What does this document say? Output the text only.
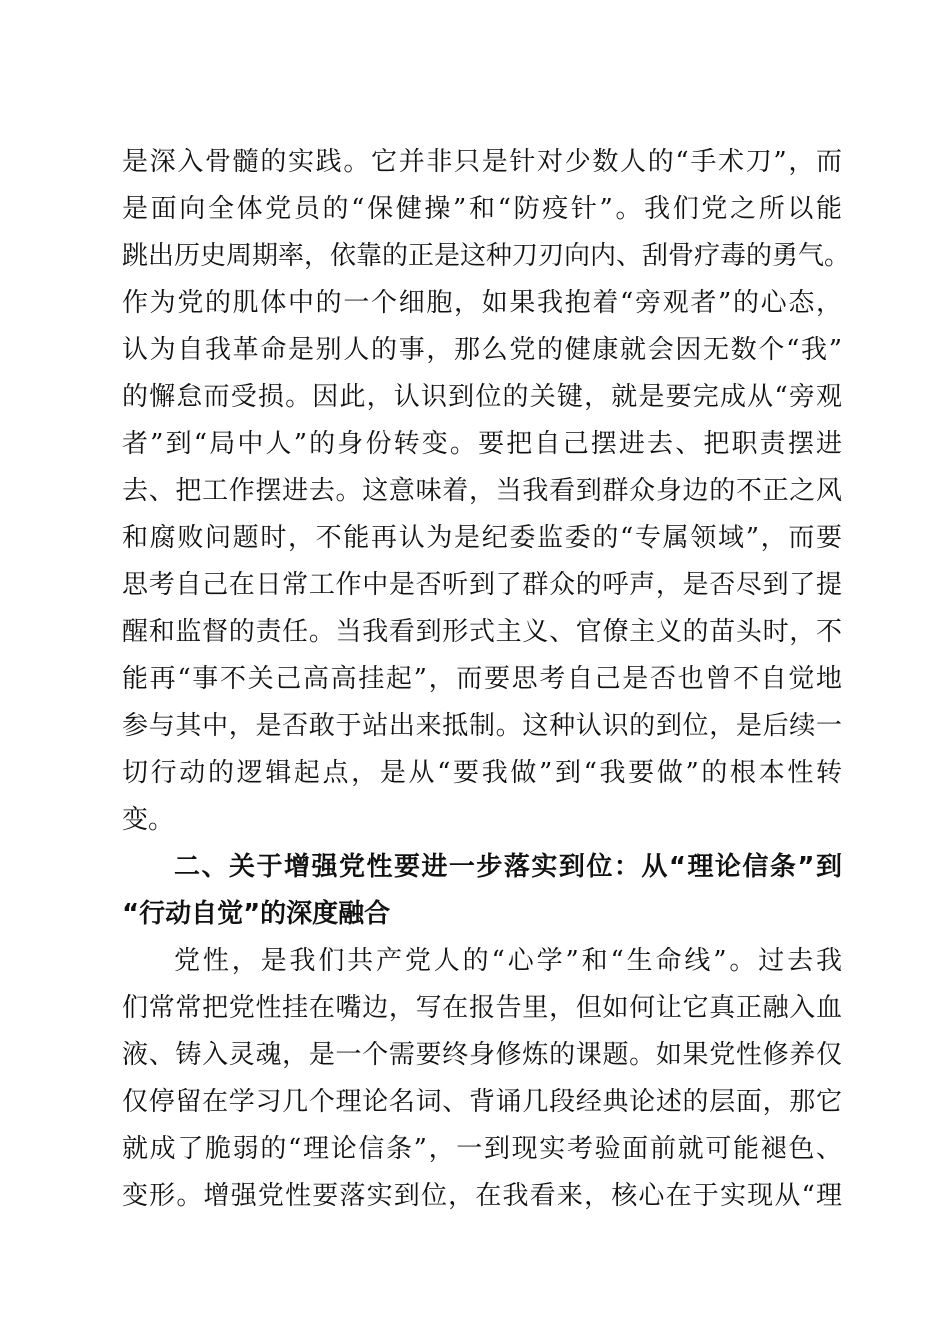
是深入骨髓的实践。它并非只是针对少数人的“手术刀”，而
是面向全体党员的“保健操”和“防疫针”。我们党之所以能
跳出历史周期率，依靠的正是这种刀刃向内、刮骨疗毒的勇气。
作为党的肌体中的一个细胞，如果我抱着“旁观者”的心态，
认为自我革命是别人的事，那么党的健康就会因无数个“我”
的懈怠而受损。因此，认识到位的关键，就是要完成从“旁观
者”到“局中人”的身份转变。要把自己摆进去、把职责摆进
去、把工作摆进去。这意味着，当我看到群众身边的不正之风
和腐败问题时，不能再认为是纪委监委的“专属领域”，而要
思考自己在日常工作中是否听到了群众的呼声，是否尽到了提
醒和监督的责任。当我看到形式主义、官僚主义的苗头时，不
能再“事不关己高高挂起”，而要思考自己是否也曾不自觉地
参与其中，是否敢于站出来抵制。这种认识的到位，是后续一
切行动的逻辑起点，是从“要我做”到“我要做”的根本性转
变。
二、关于增强党性要进一步落实到位：从“理论信条”到
“行动自觉”的深度融合
党性，是我们共产党人的“心学”和“生命线”。过去我
们常常把党性挂在嘴边，写在报告里，但如何让它真正融入血
液、铸入灵魂，是一个需要终身修炼的课题。如果党性修养仅
仅停留在学习几个理论名词、背诵几段经典论述的层面，那它
就成了脆弱的“理论信条”，一到现实考验面前就可能褪色、
变形。增强党性要落实到位，在我看来，核心在于实现从“理
